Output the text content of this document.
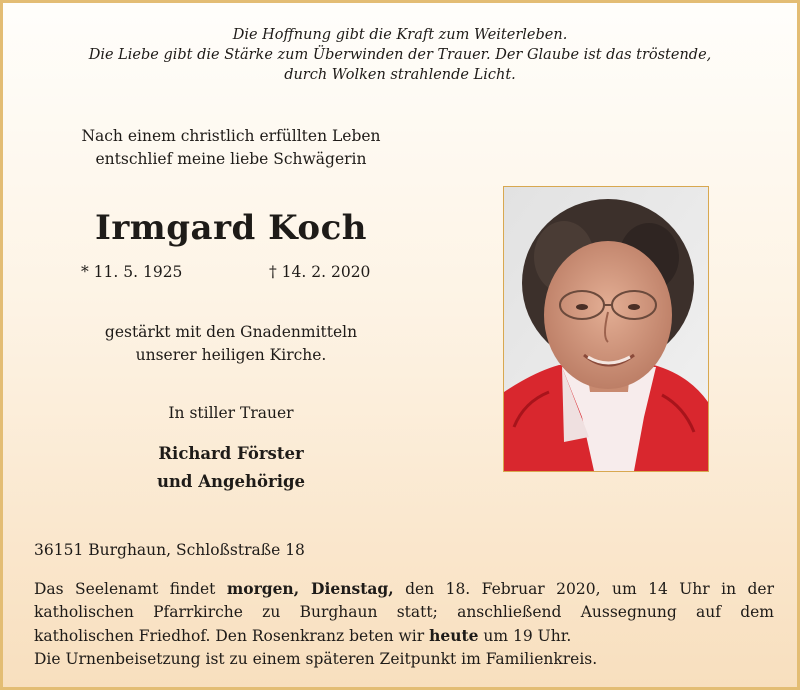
Die Hoffnung gibt die Kraft zum Weiterleben.
Die Liebe gibt die Stärke zum Überwinden der Trauer. Der Glaube ist das tröstende,
durch Wolken strahlende Licht.
Nach einem christlich erfüllten Leben
entschlief meine liebe Schwägerin
Irmgard Koch
* 11. 5. 1925	† 14. 2. 2020
gestärkt mit den Gnadenmitteln
unserer heiligen Kirche.
In stiller Trauer
Richard Förster
und Angehörige
36151 Burghaun, Schloßstraße 18
Das Seelenamt findet morgen, Dienstag, den 18. Februar 2020, um 14 Uhr in der
katholischen Pfarrkirche zu Burghaun statt; anschließend Aussegnung auf dem
katholischen Friedhof. Den Rosenkranz beten wir heute um 19 Uhr.
Die Urnenbeisetzung ist zu einem späteren Zeitpunkt im Familienkreis.
